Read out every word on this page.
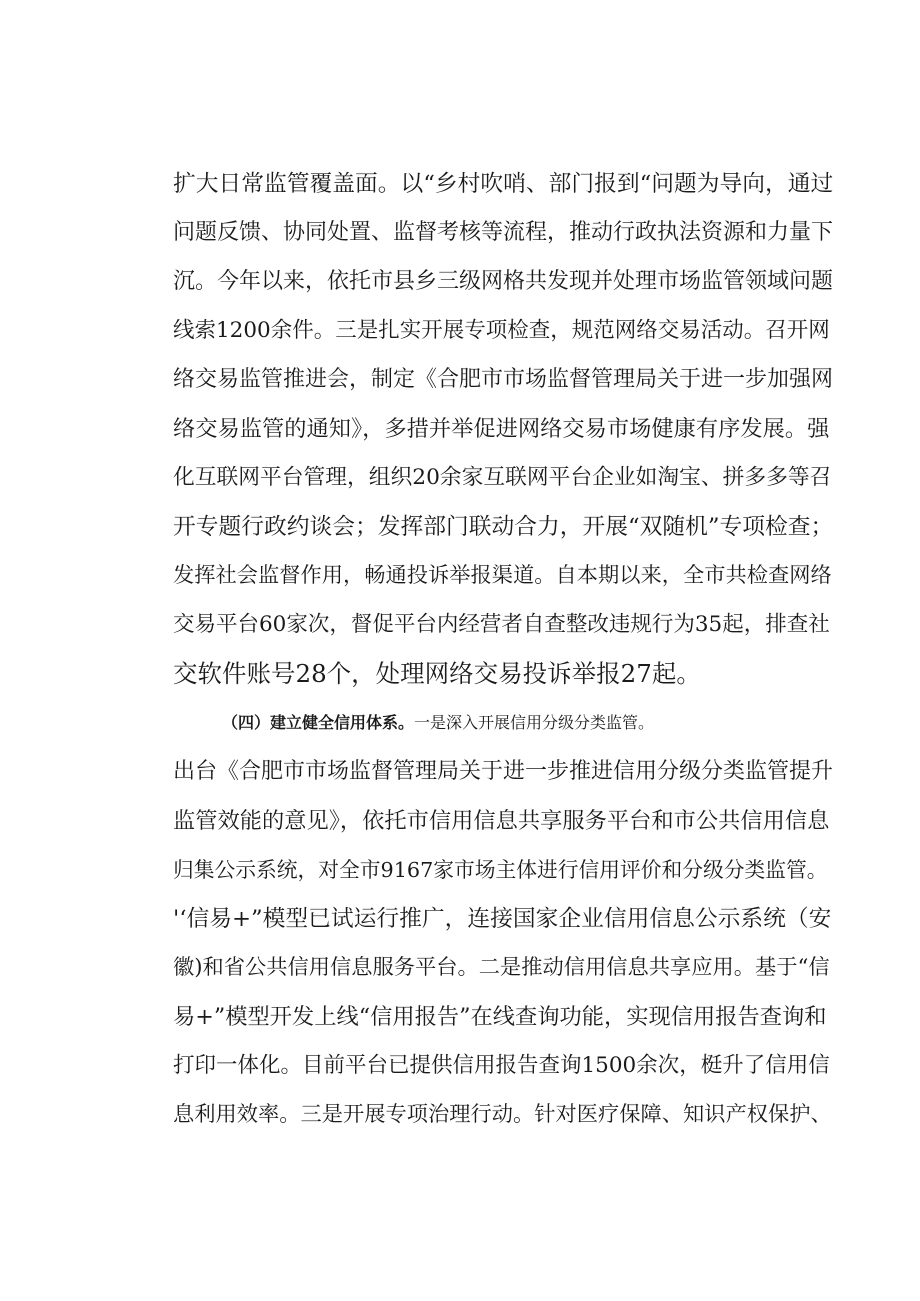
扩大日常监管覆盖面。以“乡村吹哨、部门报到“问题为导向，通过
问题反馈、协同处置、监督考核等流程，推动行政执法资源和力量下
沉。今年以来，依托市县乡三级网格共发现并处理市场监管领域问题
线索1200余件。三是扎实开展专项检查，规范网络交易活动。召开网
络交易监管推进会，制定《合肥市市场监督管理局关于进一步加强网
络交易监管的通知》，多措并举促进网络交易市场健康有序发展。强
化互联网平台管理，组织20余家互联网平台企业如淘宝、拼多多等召
开专题行政约谈会；发挥部门联动合力，开展“双随机”专项检查；
发挥社会监督作用，畅通投诉举报渠道。自本期以来，全市共检查网络
交易平台60家次，督促平台内经营者自查整改违规行为35起，排查社
交软件账号28个，处理网络交易投诉举报27起。
（四）建立健全信用体系。一是深入开展信用分级分类监管。
出台《合肥市市场监督管理局关于进一步推进信用分级分类监管提升
监管效能的意见》，依托市信用信息共享服务平台和市公共信用信息
归集公示系统，对全市9167家市场主体进行信用评价和分级分类监管。
'‘信易+”模型已试运行推广，连接国家企业信用信息公示系统（安
徽)和省公共信用信息服务平台。二是推动信用信息共享应用。基于“信
易+”模型开发上线“信用报告”在线查询功能，实现信用报告查询和
打印一体化。目前平台已提供信用报告查询1500余次，梃升了信用信
息利用效率。三是开展专项治理行动。针对医疗保障、知识产权保护、
